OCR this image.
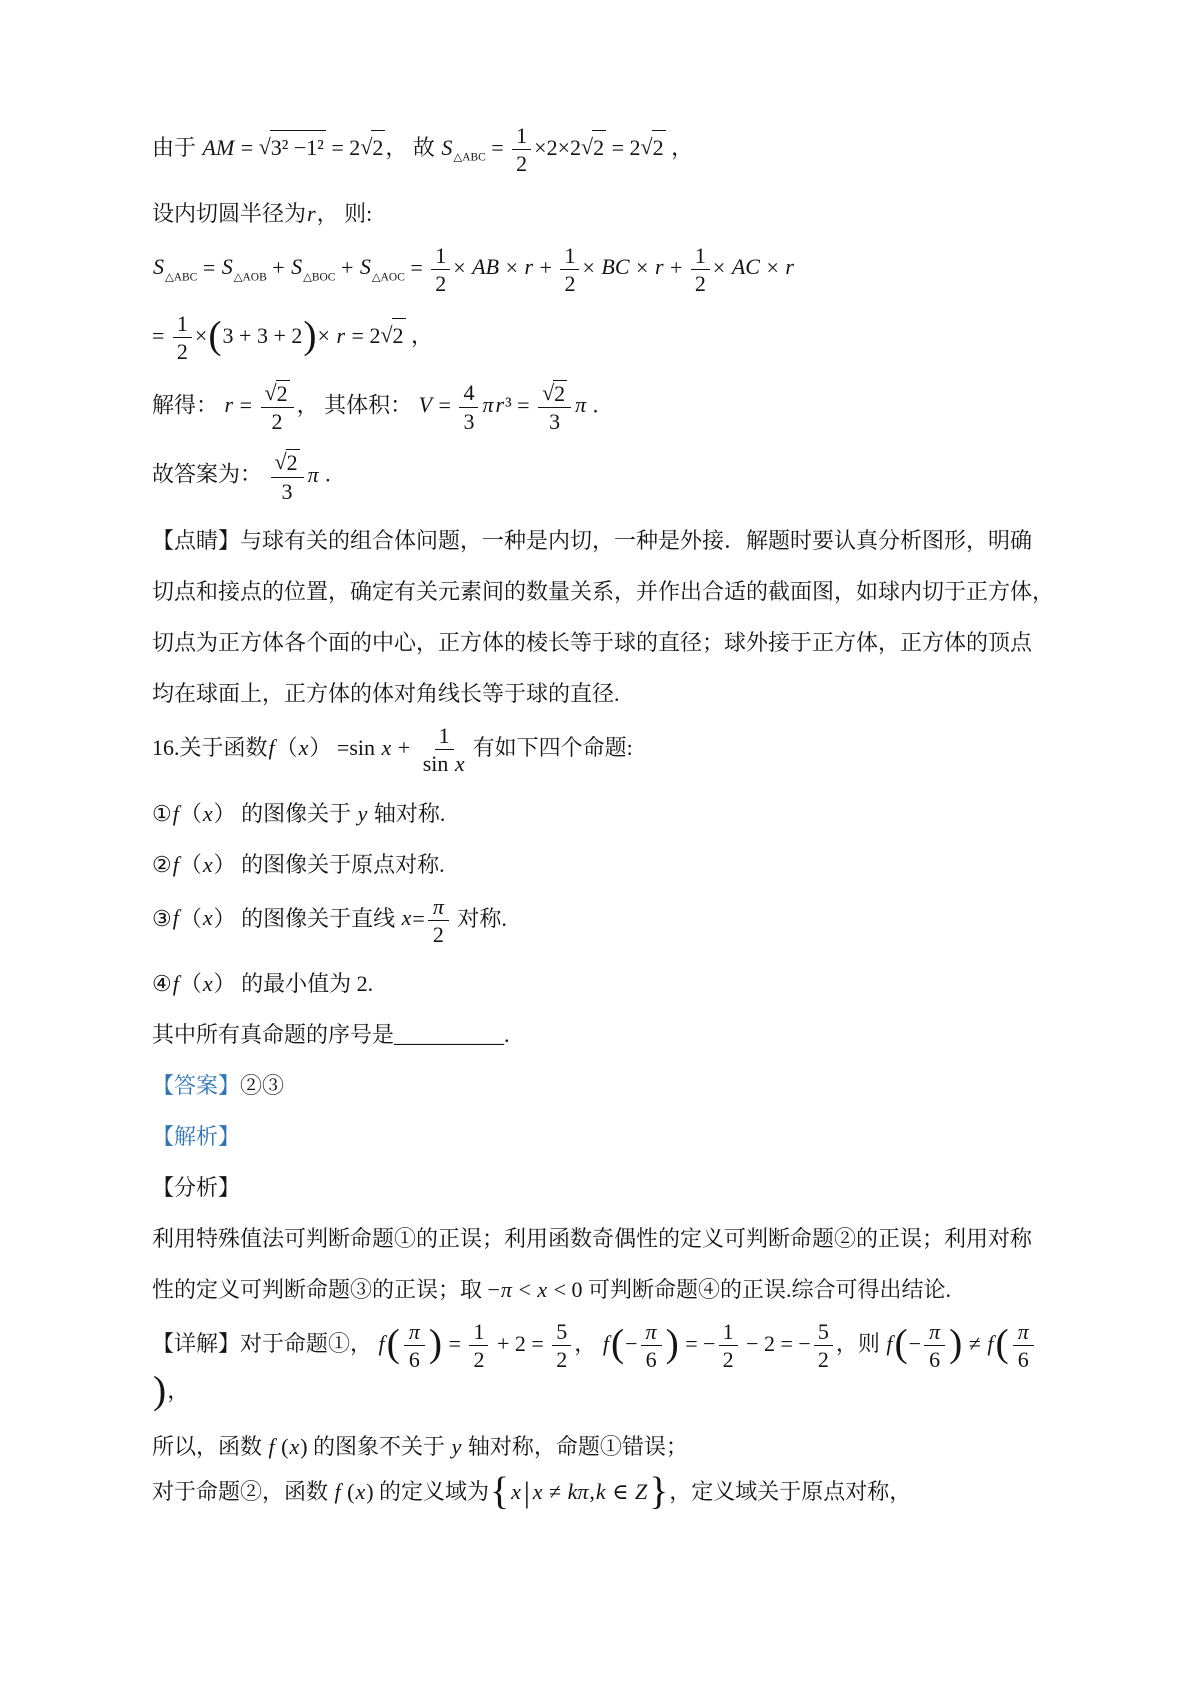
由于 AM = √3² −1² = 2√2， 故 $S_{\triangle ABC} = \frac{1}{2} \times 2\times 2√2 = 2√2$ ，
设内切圆半径为r， 则:
$S_{\triangle ABC} = S_{\triangle AOB} + S_{\triangle BOC} + S_{\triangle AOC} = \frac{1}{2}$ × AB × $r + \frac{1}{2}$ × BC × $r + \frac{1}{2}$ × AC × r
= $\frac{1}{2} \times(3 + 3 + 2)\times r = 2√2$ ，
解得： $r = \frac{√2}{2}$ ， 其体积： $V = \frac{4}{3} \pi r^3 = \frac{√2}{3}$ π .
故答案为： $\frac{√2}{3}$ π .
【点睛】与球有关的组合体问题，一种是内切，一种是外接．解题时要认真分析图形，明确
切点和接点的位置，确定有关元素间的数量关系，并作出合适的截面图，如球内切于正方体，
切点为正方体各个面的中心，正方体的棱长等于球的直径；球外接于正方体，正方体的顶点
均在球面上，正方体的体对角线长等于球的直径.
16.关于函数f（x） =sin $x + \frac{1}{\text{sin x}}$ 有如下四个命题:
①f（x） 的图像关于 y 轴对称.
②f（x） 的图像关于原点对称.
③f（x） 的图像关于直线 $x= \frac{\pi}{2}$ 对称.
④f（x） 的最小值为 2.
其中所有真命题的序号是__________.
【答案】②③
【解析】
【分析】
利用特殊值法可判断命题①的正误；利用函数奇偶性的定义可判断命题②的正误；利用对称
性的定义可判断命题③的正误；取 −π < x < 0 可判断命题④的正误.综合可得出结论.
【详解】对于命题①， $f( \frac{\pi}{6}$ ) = $\frac{1}{2} + 2 = \frac{5}{2}$ ， $f(- \frac{\pi}{6}$ ) = − $\frac{1}{2} - 2$ = − $\frac{5}{2}$ ，则 $f(- \frac{\pi}{6}$ ) ≠ $f( \frac{\pi}{6}$
)，
所以，函数 f (x) 的图象不关于 y 轴对称，命题①错误；
对于命题②，函数 f (x) 的定义域为{x | x ≠ kπ,k ∈ Z}，定义域关于原点对称，
